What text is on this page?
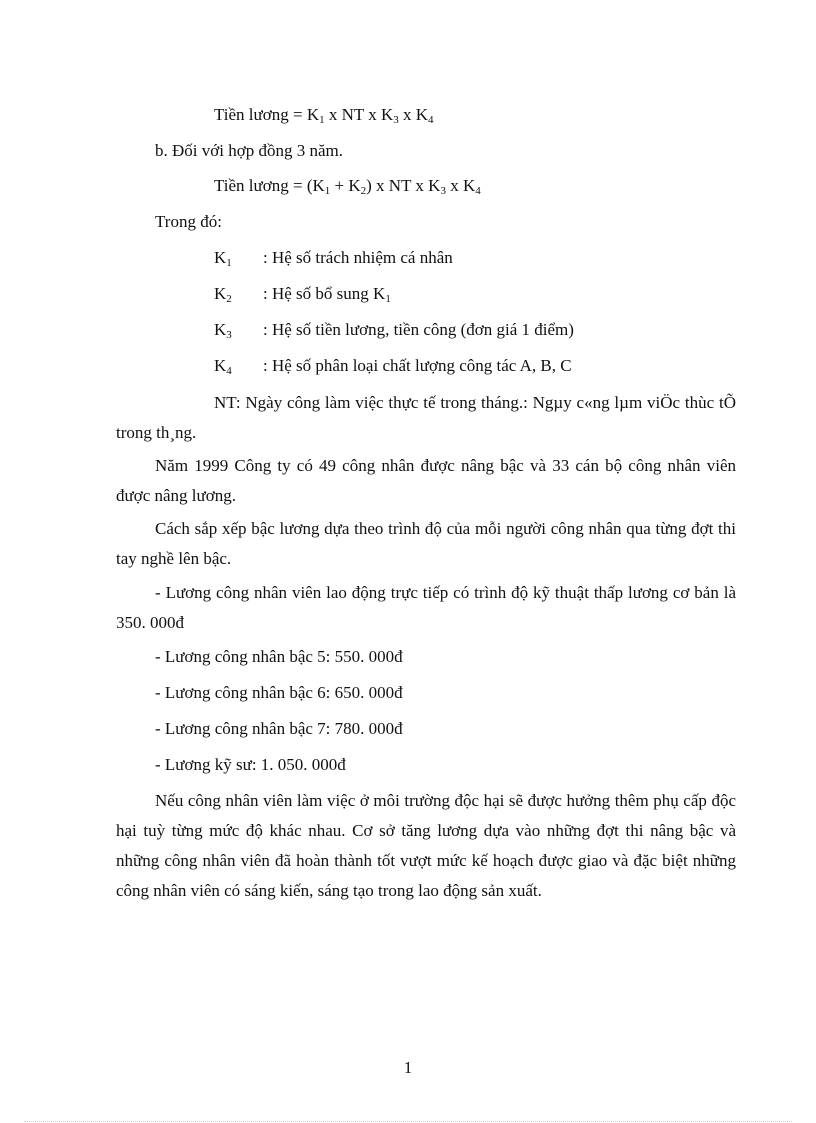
Tiền lương = $K_1$ x NT x $K_3$ x $K_4$
b. Đối với hợp đồng 3 năm.
Tiền lương = $(K_1 + K_2)$ x NT x $K_3$ x $K_4$
Trong đó:
$K_1$ : Hệ số trách nhiệm cá nhân
$K_2$ : Hệ số bổ sung $K_1$
$K_3$ : Hệ số tiền lương, tiền công (đơn giá 1 điểm)
$K_4$ : Hệ số phân loại chất lượng công tác A, B, C
NT: Ngày công làm việc thực tế trong tháng.: Ngµy c«ng lµm viÖc thùc tÕ trong th¸ng.
Năm 1999 Công ty có 49 công nhân được nâng bậc và 33 cán bộ công nhân viên được nâng lương.
Cách sắp xếp bậc lương dựa theo trình độ của mỗi người công nhân qua từng đợt thi tay nghề lên bậc.
- Lương công nhân viên lao động trực tiếp có trình độ kỹ thuật thấp lương cơ bản là 350. 000đ
- Lương công nhân bậc 5: 550. 000đ
- Lương công nhân bậc 6: 650. 000đ
- Lương công nhân bậc 7: 780. 000đ
- Lương kỹ sư: 1. 050. 000đ
Nếu công nhân viên làm việc ở môi trường độc hại sẽ được hưởng thêm phụ cấp độc hại tuỳ từng mức độ khác nhau. Cơ sở tăng lương dựa vào những đợt thi nâng bậc và những công nhân viên đã hoàn thành tốt vượt mức kế hoạch được giao và đặc biệt những công nhân viên có sáng kiến, sáng tạo trong lao động sản xuất.
1
